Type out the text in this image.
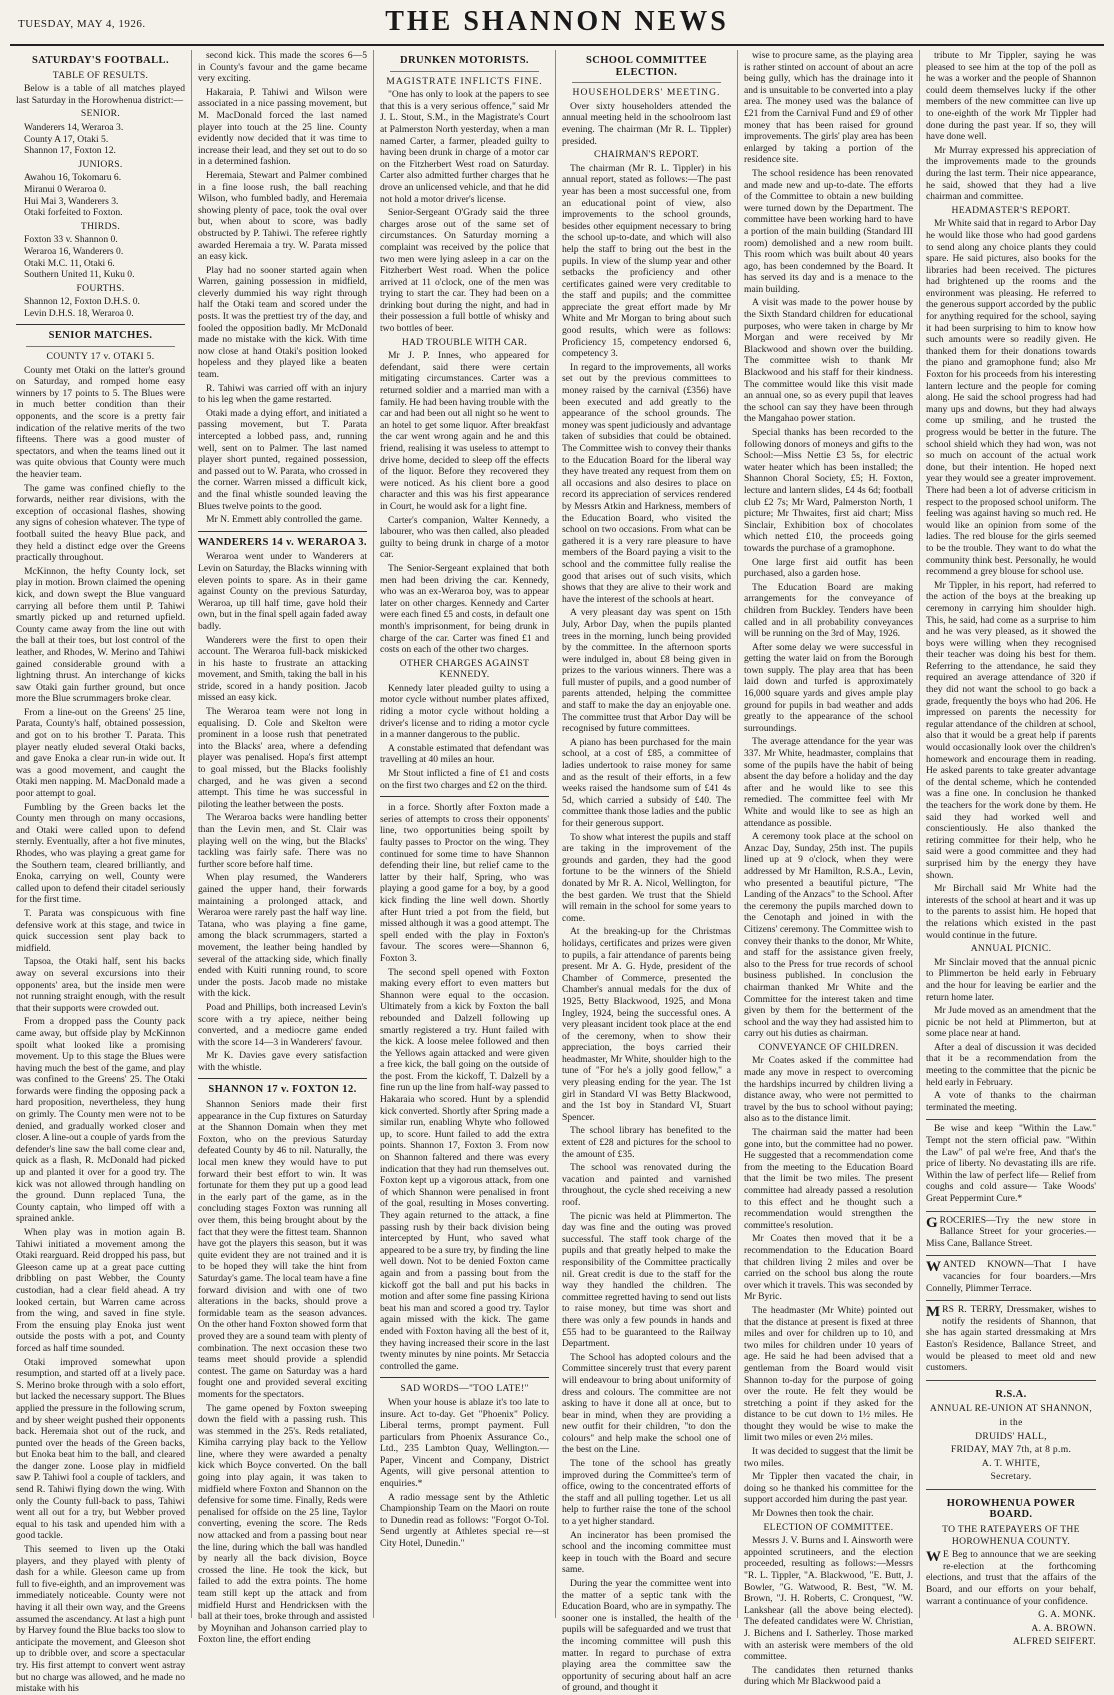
TUESDAY, MAY 4, 1926.	THE SHANNON NEWS
SATURDAY'S FOOTBALL.
TABLE OF RESULTS.

Below is a table of all matches played last Saturday in the Horowhenua district:—

SENIOR.
Wanderers 14, Weraroa 3.
County A 17, Otaki 5.
Shannon 17, Foxton 12.
JUNIORS.
Awahou 16, Tokomaru 6.
Miranui 0 Weraroa 0.
Hui Mai 3, Wanderers 3.
Otaki forfeited to Foxton.
THIRDS.
Foxton 33 v. Shannon 0.
Weraroa 16, Wanderers 0.
Otaki M.C. 11, Otaki 6.
Southern United 11, Kuku 0.
FOURTHS.
Shannon 12, Foxton D.H.S. 0.
Levin D.H.S. 18, Weraroa 0.
SENIOR MATCHES.
COUNTY 17 v. OTAKI 5.

County met Otaki on the latter's ground on Saturday, and romped home easy winners by 17 points to 5. The Blues were in much better condition than their opponents, and the score is a pretty fair indication of the relative merits of the two fifteens. There was a good muster of spectators, and when the teams lined out it was quite obvious that County were much the heavier team.

The game was confined chiefly to the forwards, neither rear divisions, with the exception of occasional flashes, showing any signs of cohesion whatever. The type of football suited the heavy Blue pack, and they held a distinct edge over the Greens practically throughout.

McKinnon, the hefty County lock, set play in motion. Brown claimed the opening kick, and down swept the Blue vanguard carrying all before them until P. Tahiwi smartly picked up and returned upfield. County came away from the line out with the ball at their toes, but lost control of the leather, and Rhodes, W. Merino and Tahiwi gained considerable ground with a lightning thrust. An interchange of kicks saw Otaki gain further ground, but once more the Blue scrummagers broke clear.

From a line-out on the Greens' 25 line, Parata, County's half, obtained possession, and got on to his brother T. Parata. This player neatly eluded several Otaki backs, and gave Enoka a clear run-in wide out. It was a good movement, and caught the Otaki men napping. M. MacDonald made a poor attempt to goal.

Fumbling by the Green backs let the County men through on many occasions, and Otaki were called upon to defend sternly. Eventually, after a hot five minutes, Rhodes, who was playing a great game for the Southern team, cleared brilliantly, and Enoka, carrying on well, County were called upon to defend their citadel seriously for the first time.

T. Parata was conspicuous with fine defensive work at this stage, and twice in quick succession sent play back to midfield.

Tapsoa, the Otaki half, sent his backs away on several excursions into their opponents' area, but the inside men were not running straight enough, with the result that their supports were crowded out.

From a dropped pass the County pack came away, but offside play by McKinnon spoilt what looked like a promising movement. Up to this stage the Blues were having much the best of the game, and play was confined to the Greens' 25. The Otaki forwards were finding the opposing pack a hard proposition, nevertheless, they hung on grimly. The County men were not to be denied, and gradually worked closer and closer. A line-out a couple of yards from the defender's line saw the ball come clear and, quick as a flash, R. McDonald had picked up and planted it over for a good try. The kick was not allowed through handling on the ground. Dunn replaced Tuna, the County captain, who limped off with a sprained ankle.

When play was in motion again B. Tahiwi initiated a movement among the Otaki rearguard. Reid dropped his pass, but Gleeson came up at a great pace cutting dribbling on past Webber, the County custodian, had a clear field ahead. A try looked certain, but Warren came across from the wing, and saved in fine style. From the ensuing play Enoka just went outside the posts with a pot, and County forced as half time sounded.

Otaki improved somewhat upon resumption, and started off at a lively pace. S. Merino broke through with a solo effort, but lacked the necessary support. The Blues applied the pressure in the following scrum, and by sheer weight pushed their opponents back. Heremaia shot out of the ruck, and punted over the heads of the Green backs, but Enoka beat him to the ball, and cleared the danger zone. Loose play in midfield saw P. Tahiwi fool a couple of tacklers, and send R. Tahiwi flying down the wing. With only the County full-back to pass, Tahiwi went all out for a try, but Webber proved equal to his task and upended him with a good tackle.

This seemed to liven up the Otaki players, and they played with plenty of dash for a while. Gleeson came up from full to five-eighth, and an improvement was immediately noticeable. County were not having it all their own way, and the Greens assumed the ascendancy. At last a high punt by Harvey found the Blue backs too slow to anticipate the movement, and Gleeson shot up to dribble over, and score a spectacular try. His first attempt to convert went astray but no charge was allowed, and he made no mistake with his

second kick. This made the scores 6—5 in County's favour and the game became very exciting.

Hakaraia, P. Tahiwi and Wilson were associated in a nice passing movement, but M. MacDonald forced the last named player into touch at the 25 line. County evidently now decided that it was time to increase their lead, and they set out to do so in a determined fashion.

Heremaia, Stewart and Palmer combined in a fine loose rush, the ball reaching Wilson, who fumbled badly, and Heremaia showing plenty of pace, took the oval over but, when about to score, was badly obstructed by P. Tahiwi. The referee rightly awarded Heremaia a try. W. Parata missed an easy kick.

Play had no sooner started again when Warren, gaining possession in midfield, cleverly dummied his way right through half the Otaki team and scored under the posts. It was the prettiest try of the day, and fooled the opposition badly. Mr McDonald made no mistake with the kick. With time now close at hand Otaki's position looked hopeless and they played like a beaten team.

R. Tahiwi was carried off with an injury to his leg when the game restarted.

Otaki made a dying effort, and initiated a passing movement, but T. Parata intercepted a lobbed pass, and, running well, sent on to Palmer. The last named player short punted, regained possession, and passed out to W. Parata, who crossed in the corner. Warren missed a difficult kick, and the final whistle sounded leaving the Blues twelve points to the good.

Mr N. Emmett ably controlled the game.

WANDERERS 14 v. WERAROA 3.

Weraroa went under to Wanderers at Levin on Saturday, the Blacks winning with eleven points to spare. As in their game against County on the previous Saturday, Weraroa, up till half time, gave hold their own, but in the final spell again faded away badly.

Wanderers were the first to open their account. The Weraroa full-back miskicked in his haste to frustrate an attacking movement, and Smith, taking the ball in his stride, scored in a handy position. Jacob missed an easy kick.

The Weraroa team were not long in equalising. D. Cole and Skelton were prominent in a loose rush that penetrated into the Blacks' area, where a defending player was penalised. Hopa's first attempt to goal missed, but the Blacks foolishly charged, and he was given a second attempt. This time he was successful in piloting the leather between the posts.

The Weraroa backs were handling better than the Levin men, and St. Clair was playing well on the wing, but the Blacks' tackling was fairly safe. There was no further score before half time.

When play resumed, the Wanderers gained the upper hand, their forwards maintaining a prolonged attack, and Weraroa were rarely past the half way line. Tatana, who was playing a fine game, among the black scrummagers, started a movement, the leather being handled by several of the attacking side, which finally ended with Kuiti running round, to score under the posts. Jacob made no mistake with the kick.

Poad and Phillips, both increased Levin's score with a try apiece, neither being converted, and a mediocre game ended with the score 14—3 in Wanderers' favour.

Mr K. Davies gave every satisfaction with the whistle.

SHANNON 17 v. FOXTON 12.

Shannon Seniors made their first appearance in the Cup fixtures on Saturday at the Shannon Domain when they met Foxton, who on the previous Saturday defeated County by 46 to nil. Naturally, the local men knew they would have to put forward their best effort to win. It was fortunate for them they put up a good lead in the early part of the game, as in the concluding stages Foxton was running all over them, this being brought about by the fact that they were the fittest team. Shannon have got the players this season, but it was quite evident they are not trained and it is to be hoped they will take the hint from Saturday's game. The local team have a fine forward division and with one of two alterations in the backs, should prove a formidable team as the season advances. On the other hand Foxton showed form that proved they are a sound team with plenty of combination. The next occasion these two teams meet should provide a splendid contest. The game on Saturday was a hard fought one and provided several exciting moments for the spectators.

The game opened by Foxton sweeping down the field with a passing rush. This was stemmed in the 25's. Reds retaliated, Kimiha carrying play back to the Yellow line, where they were awarded a penalty kick which Boyce converted. On the ball going into play again, it was taken to midfield where Foxton and Shannon on the defensive for some time. Finally, Reds were penalised for offside on the 25 line, Taylor converting, evening the score. The Reds now attacked and from a passing bout near the line, during which the ball was handled by nearly all the back division, Boyce crossed the line. He took the kick, but failed to add the extra points. The home team still kept up the attack and from midfield Hurst and Hendricksen with the ball at their toes, broke through and assisted by Moynihan and Johanson carried play to Foxton line, the effort ending

DRUNKEN MOTORISTS.
MAGISTRATE INFLICTS FINE.

"One has only to look at the papers to see that this is a very serious offence," said Mr J. L. Stout, S.M., in the Magistrate's Court at Palmerston North yesterday, when a man named Carter, a farmer, pleaded guilty to having been drunk in charge of a motor car on the Fitzherbert West road on Saturday. Carter also admitted further charges that he drove an unlicensed vehicle, and that he did not hold a motor driver's license.

Senior-Sergeant O'Grady said the three charges arose out of the same set of circumstances. On Saturday morning a complaint was received by the police that two men were lying asleep in a car on the Fitzherbert West road. When the police arrived at 11 o'clock, one of the men was trying to start the car. They had been on a drinking bout during the night, and had in their possession a full bottle of whisky and two bottles of beer.

HAD TROUBLE WITH CAR.

Mr J. P. Innes, who appeared for defendant, said there were certain mitigating circumstances. Carter was a returned soldier and a married man with a family. He had been having trouble with the car and had been out all night so he went to an hotel to get some liquor. After breakfast the car went wrong again and he and this friend, realising it was useless to attempt to drive home, decided to sleep off the effects of the liquor. Before they recovered they were noticed. As his client bore a good character and this was his first appearance in Court, he would ask for a light fine.

Carter's companion, Walter Kennedy, a labourer, who was then called, also pleaded guilty to being drunk in charge of a motor car.

The Senior-Sergeant explained that both men had been driving the car. Kennedy, who was an ex-Weraroa boy, was to appear later on other charges. Kennedy and Carter were each fined £5 and costs, in default one month's imprisonment, for being drunk in charge of the car. Carter was fined £1 and costs on each of the other two charges.

OTHER CHARGES AGAINST KENNEDY.

Kennedy later pleaded guilty to using a motor cycle without number plates affixed, riding a motor cycle without holding a driver's license and to riding a motor cycle in a manner dangerous to the public.

A constable estimated that defendant was travelling at 40 miles an hour.

Mr Stout inflicted a fine of £1 and costs on the first two charges and £2 on the third.

in a force. Shortly after Foxton made a series of attempts to cross their opponents' line, two opportunities being spoilt by faulty passes to Proctor on the wing. They continued for some time to have Shannon defending their line, but relief came to the latter by their half, Spring, who was playing a good game for a boy, by a good kick finding the line well down. Shortly after Hunt tried a pot from the field, but missed although it was a good attempt. The spell ended with the play in Foxton's favour. The scores were—Shannon 6, Foxton 3.

The second spell opened with Foxton making every effort to even matters but Shannon were equal to the occasion. Ultimately from a kick by Foxton the ball rebounded and Dalzell following up smartly registered a try. Hunt failed with the kick. A loose melee followed and then the Yellows again attacked and were given a free kick, the ball going on the outside of the post. From the kickoff, T. Dalzell by a fine run up the line from half-way passed to Hakaraia who scored. Hunt by a splendid kick converted. Shortly after Spring made a similar run, enabling Whyte who followed up, to score. Hunt failed to add the extra points. Shannon 17, Foxton 3. From now on Shannon faltered and there was every indication that they had run themselves out. Foxton kept up a vigorous attack, from one of which Shannon were penalised in front of the goal, resulting in Moses converting. They again returned to the attack, a fine passing rush by their back division being intercepted by Hunt, who saved what appeared to be a sure try, by finding the line well down. Not to be denied Foxton came again and from a passing bout from the kickoff got the ball and put his backs in motion and after some fine passing Kiriona beat his man and scored a good try. Taylor again missed with the kick. The game ended with Foxton having all the best of it, they having increased their score in the last twenty minutes by nine points. Mr Setaccia controlled the game.

SAD WORDS—"TOO LATE!"

When your house is ablaze it's too late to insure. Act to-day. Get "Phoenix" Policy. Liberal terms, prompt payment. Full particulars from Phoenix Assurance Co., Ltd., 235 Lambton Quay, Wellington.—Paper, Vincent and Company, District Agents, will give personal attention to enquiries.*

A radio message sent by the Athletic Championship Team on the Maori on route to Dunedin read as follows: "Forgot O-Tol. Send urgently at Athletes special re—st City Hotel, Dunedin."

SCHOOL COMMITTEE ELECTION.
HOUSEHOLDERS' MEETING.

Over sixty householders attended the annual meeting held in the schoolroom last evening. The chairman (Mr R. L. Tippler) presided.

CHAIRMAN'S REPORT.

The chairman (Mr R. L. Tippler) in his annual report, stated as follows:—The past year has been a most successful one, from an educational point of view, also improvements to the school grounds, besides other equipment necessary to bring the school up-to-date, and which will also help the staff to bring out the best in the pupils. In view of the slump year and other setbacks the proficiency and other certificates gained were very creditable to the staff and pupils; and the committee appreciate the great effort made by Mr White and Mr Morgan to bring about such good results, which were as follows: Proficiency 15, competency endorsed 6, competency 3.

In regard to the improvements, all works set out by the previous committees to money raised by the carnival (£356) have been executed and add greatly to the appearance of the school grounds. The money was spent judiciously and advantage taken of subsidies that could be obtained. The Committee wish to convey their thanks to the Education Board for the liberal way they have treated any request from them on all occasions and also desires to place on record its appreciation of services rendered by Messrs Atkin and Harkness, members of the Education Board, who visited the school on two occasions. From what can be gathered it is a very rare pleasure to have members of the Board paying a visit to the school and the committee fully realise the good that arises out of such visits, which shows that they are alive to their work and have the interest of the schools at heart.

A very pleasant day was spent on 15th July, Arbor Day, when the pupils planted trees in the morning, lunch being provided by the committee. In the afternoon sports were indulged in, about £8 being given in prizes to the various winners. There was a full muster of pupils, and a good number of parents attended, helping the committee and staff to make the day an enjoyable one. The committee trust that Arbor Day will be recognised by future committees.

A piano has been purchased for the main school, at a cost of £85, a committee of ladies undertook to raise money for same and as the result of their efforts, in a few weeks raised the handsome sum of £41 4s 5d, which carried a subsidy of £40. The committee thank those ladies and the public for their generous support.

To show what interest the pupils and staff are taking in the improvement of the grounds and garden, they had the good fortune to be the winners of the Shield donated by Mr R. A. Nicol, Wellington, for the best garden. We trust that the Shield will remain in the school for some years to come.

At the breaking-up for the Christmas holidays, certificates and prizes were given to pupils, a fair attendance of parents being present. Mr A. G. Hyde, president of the Chamber of Commerce, presented the Chamber's annual medals for the dux of 1925, Betty Blackwood, 1925, and Mona Ingley, 1924, being the successful ones. A very pleasant incident took place at the end of the ceremony, when to show their appreciation, the boys carried their headmaster, Mr White, shoulder high to the tune of "For he's a jolly good fellow," a very pleasing ending for the year. The 1st girl in Standard VI was Betty Blackwood, and the 1st boy in Standard VI, Stuart Spencer.

The school library has benefited to the extent of £28 and pictures for the school to the amount of £35.

The school was renovated during the vacation and painted and varnished throughout, the cycle shed receiving a new roof.

The picnic was held at Plimmerton. The day was fine and the outing was proved successful. The staff took charge of the pupils and that greatly helped to make the responsibility of the Committee practically nil. Great credit is due to the staff for the way they handled the children. The committee regretted having to send out lists to raise money, but time was short and there was only a few pounds in hands and £55 had to be guaranteed to the Railway Department.

The School has adopted colours and the Committee sincerely trust that every parent will endeavour to bring about uniformity of dress and colours. The committee are not asking to have it done all at once, but to bear in mind, when they are providing a new outfit for their children, "to don the colours" and help make the school one of the best on the Line.

The tone of the school has greatly improved during the Committee's term of office, owing to the concentrated efforts of the staff and all pulling together. Let us all help to further raise the tone of the school to a yet higher standard.

An incinerator has been promised the school and the incoming committee must keep in touch with the Board and secure same.

During the year the committee went into the matter of a septic tank with the Education Board, who are in sympathy. The sooner one is installed, the health of the pupils will be safeguarded and we trust that the incoming committee will push this matter. In regard to purchase of extra playing area the committee saw the opportunity of securing about half an acre of ground, and thought it

wise to procure same, as the playing area is rather stinted on account of about an acre being gully, which has the drainage into it and is unsuitable to be converted into a play area. The money used was the balance of £21 from the Carnival Fund and £9 of other money that has been raised for ground improvements. The girls' play area has been enlarged by taking a portion of the residence site.

The school residence has been renovated and made new and up-to-date. The efforts of the Committee to obtain a new building were turned down by the Department. The committee have been working hard to have a portion of the main building (Standard III room) demolished and a new room built. This room which was built about 40 years ago, has been condemned by the Board. It has served its day and is a menace to the main building.

A visit was made to the power house by the Sixth Standard children for educational purposes, who were taken in charge by Mr Morgan and were received by Mr Blackwood and shown over the building. The committee wish to thank Mr Blackwood and his staff for their kindness. The committee would like this visit made an annual one, so as every pupil that leaves the school can say they have been through the Mangahao power station.

Special thanks has been recorded to the following donors of moneys and gifts to the School:—Miss Nettie £3 5s, for electric water heater which has been installed; the Shannon Choral Society, £5; H. Foxton, lecture and lantern slides, £4 4s 6d; football club £2 7s; Mr Ward, Palmerston North, 1 picture; Mr Thwaites, first aid chart; Miss Sinclair, Exhibition box of chocolates which netted £10, the proceeds going towards the purchase of a gramophone.

One large first aid outfit has been purchased, also a garden hose.

The Education Board are making arrangements for the conveyance of children from Buckley. Tenders have been called and in all probability conveyances will be running on the 3rd of May, 1926.

After some delay we were successful in getting the water laid on from the Borough town supply. The play area that has been laid down and turfed is approximately 16,000 square yards and gives ample play ground for pupils in bad weather and adds greatly to the appearance of the school surroundings.

The average attendance for the year was 337. Mr White, headmaster, complains that some of the pupils have the habit of being absent the day before a holiday and the day after and he would like to see this remedied. The committee feel with Mr White and would like to see as high an attendance as possible.

A ceremony took place at the school on Anzac Day, Sunday, 25th inst. The pupils lined up at 9 o'clock, when they were addressed by Mr Hamilton, R.S.A., Levin, who presented a beautiful picture, "The Landing of the Anzacs" to the School. After the ceremony the pupils marched down to the Cenotaph and joined in with the Citizens' ceremony. The Committee wish to convey their thanks to the donor, Mr White, and staff for the assistance given freely, also to the Press for true records of school business published. In conclusion the chairman thanked Mr White and the Committee for the interest taken and time given by them for the betterment of the school and the way they had assisted him to carry out his duties as chairman.

CONVEYANCE OF CHILDREN.

Mr Coates asked if the committee had made any move in respect to overcoming the hardships incurred by children living a distance away, who were not permitted to travel by the bus to school without paying; also as to the distance limit.

The chairman said the matter had been gone into, but the committee had no power. He suggested that a recommendation come from the meeting to the Education Board that the limit be two miles. The present committee had already passed a resolution to this effect and he thought such a recommendation would strengthen the committee's resolution.

Mr Coates then moved that it be a recommendation to the Education Board that children living 2 miles and over be carried on the school bus along the route over which it travels. This was seconded by Mr Byric.

The headmaster (Mr White) pointed out that the distance at present is fixed at three miles and over for children up to 10, and two miles for children under 10 years of age. He said he had been advised that a gentleman from the Board would visit Shannon to-day for the purpose of going over the route. He felt they would be stretching a point if they asked for the distance to be cut down to 1½ miles. He thought they would be wise to make the limit two miles or even 2½ miles.

It was decided to suggest that the limit be two miles.

Mr Tippler then vacated the chair, in doing so he thanked his committee for the support accorded him during the past year.

Mr Downes then took the chair.

ELECTION OF COMMITTEE.

Messrs J. V. Burns and I. Ainsworth were appointed scrutineers, and the election proceeded, resulting as follows:—Messrs "R. L. Tippler, "A. Blackwood, "E. Butt, J. Bowler, "G. Watwood, R. Best, "W. M. Brown, "J. H. Roberts, C. Cronquest, "W. Lankshear (all the above being elected). The defeated candidates were W. Christian, J. Bichens and I. Satherley. Those marked with an asterisk were members of the old committee.

The candidates then returned thanks during which Mr Blackwood paid a

tribute to Mr Tippler, saying he was pleased to see him at the top of the poll as he was a worker and the people of Shannon could deem themselves lucky if the other members of the new committee can live up to one-eighth of the work Mr Tippler had done during the past year. If so, they will have done well.

Mr Murray expressed his appreciation of the improvements made to the grounds during the last term. Their nice appearance, he said, showed that they had a live chairman and committee.

HEADMASTER'S REPORT.

Mr White said that in regard to Arbor Day he would like those who had good gardens to send along any choice plants they could spare. He said pictures, also books for the libraries had been received. The pictures had brightened up the rooms and the environment was pleasing. He referred to the generous support accorded by the public for anything required for the school, saying it had been surprising to him to know how such amounts were so readily given. He thanked them for their donations towards the piano and gramophone fund; also Mr Foxton for his proceeds from his interesting lantern lecture and the people for coming along. He said the school progress had had many ups and downs, but they had always come up smiling, and he trusted the progress would be better in the future. The school shield which they had won, was not so much on account of the actual work done, but their intention. He hoped next year they would see a greater improvement. There had been a lot of adverse criticism in respect to the proposed school uniform. The feeling was against having so much red. He would like an opinion from some of the ladies. The red blouse for the girls seemed to be the trouble. They want to do what the community think best. Personally, he would recommend a grey blouse for school use.

Mr Tippler, in his report, had referred to the action of the boys at the breaking up ceremony in carrying him shoulder high. This, he said, had come as a surprise to him and he was very pleased, as it showed the boys were willing when they recognised their teacher was doing his best for them. Referring to the attendance, he said they required an average attendance of 320 if they did not want the school to go back a grade, frequently the boys who had 206. He impressed on parents the necessity for regular attendance of the children at school, also that it would be a great help if parents would occasionally look over the children's homework and encourage them in reading. He asked parents to take greater advantage of the dental scheme, which he contended was a fine one. In conclusion he thanked the teachers for the work done by them. He said they had worked well and conscientiously. He also thanked the retiring committee for their help, who he said were a good committee and they had surprised him by the energy they have shown.

Mr Birchall said Mr White had the interests of the school at heart and it was up to the parents to assist him. He hoped that the relations which existed in the past would continue in the future.

ANNUAL PICNIC.

Mr Sinclair moved that the annual picnic to Plimmerton be held early in February and the hour for leaving be earlier and the return home later.

Mr Jude moved as an amendment that the picnic be not held at Plimmerton, but at some place near at hand.

After a deal of discussion it was decided that it be a recommendation from the meeting to the committee that the picnic be held early in February.

A vote of thanks to the chairman terminated the meeting.

Be wise and keep "Within the Law." Tempt not the stern official paw. "Within the Law" of pal we're free, And that's the price of liberty. No devastating ills are rife. Within the law of perfect life— Relief from coughs and cold assure— Take Woods' Great Peppermint Cure.*

G ROCERIES—Try the new store in Ballance Street for your groceries.—Miss Cane, Ballance Street.
W ANTED KNOWN—That I have vacancies for four boarders.—Mrs Connelly, Plimmer Terrace.
M RS R. TERRY, Dressmaker, wishes to notify the residents of Shannon, that she has again started dressmaking at Mrs Easton's Residence, Ballance Street, and would be pleased to meet old and new customers.
R.S.A.
ANNUAL RE-UNION AT SHANNON,
in the
DRUIDS' HALL,
FRIDAY, MAY 7th, at 8 p.m.
A. T. WHITE,
Secretary.
HOROWHENUA POWER BOARD.
TO THE RATEPAYERS OF THE HOROWHENUA COUNTY.
W E Beg to announce that we are seeking re-election at the forthcoming elections, and trust that the affairs of the Board, and our efforts on your behalf, warrant a continuance of your confidence.
G. A. MONK.
A. A. BROWN.
ALFRED SEIFERT.
